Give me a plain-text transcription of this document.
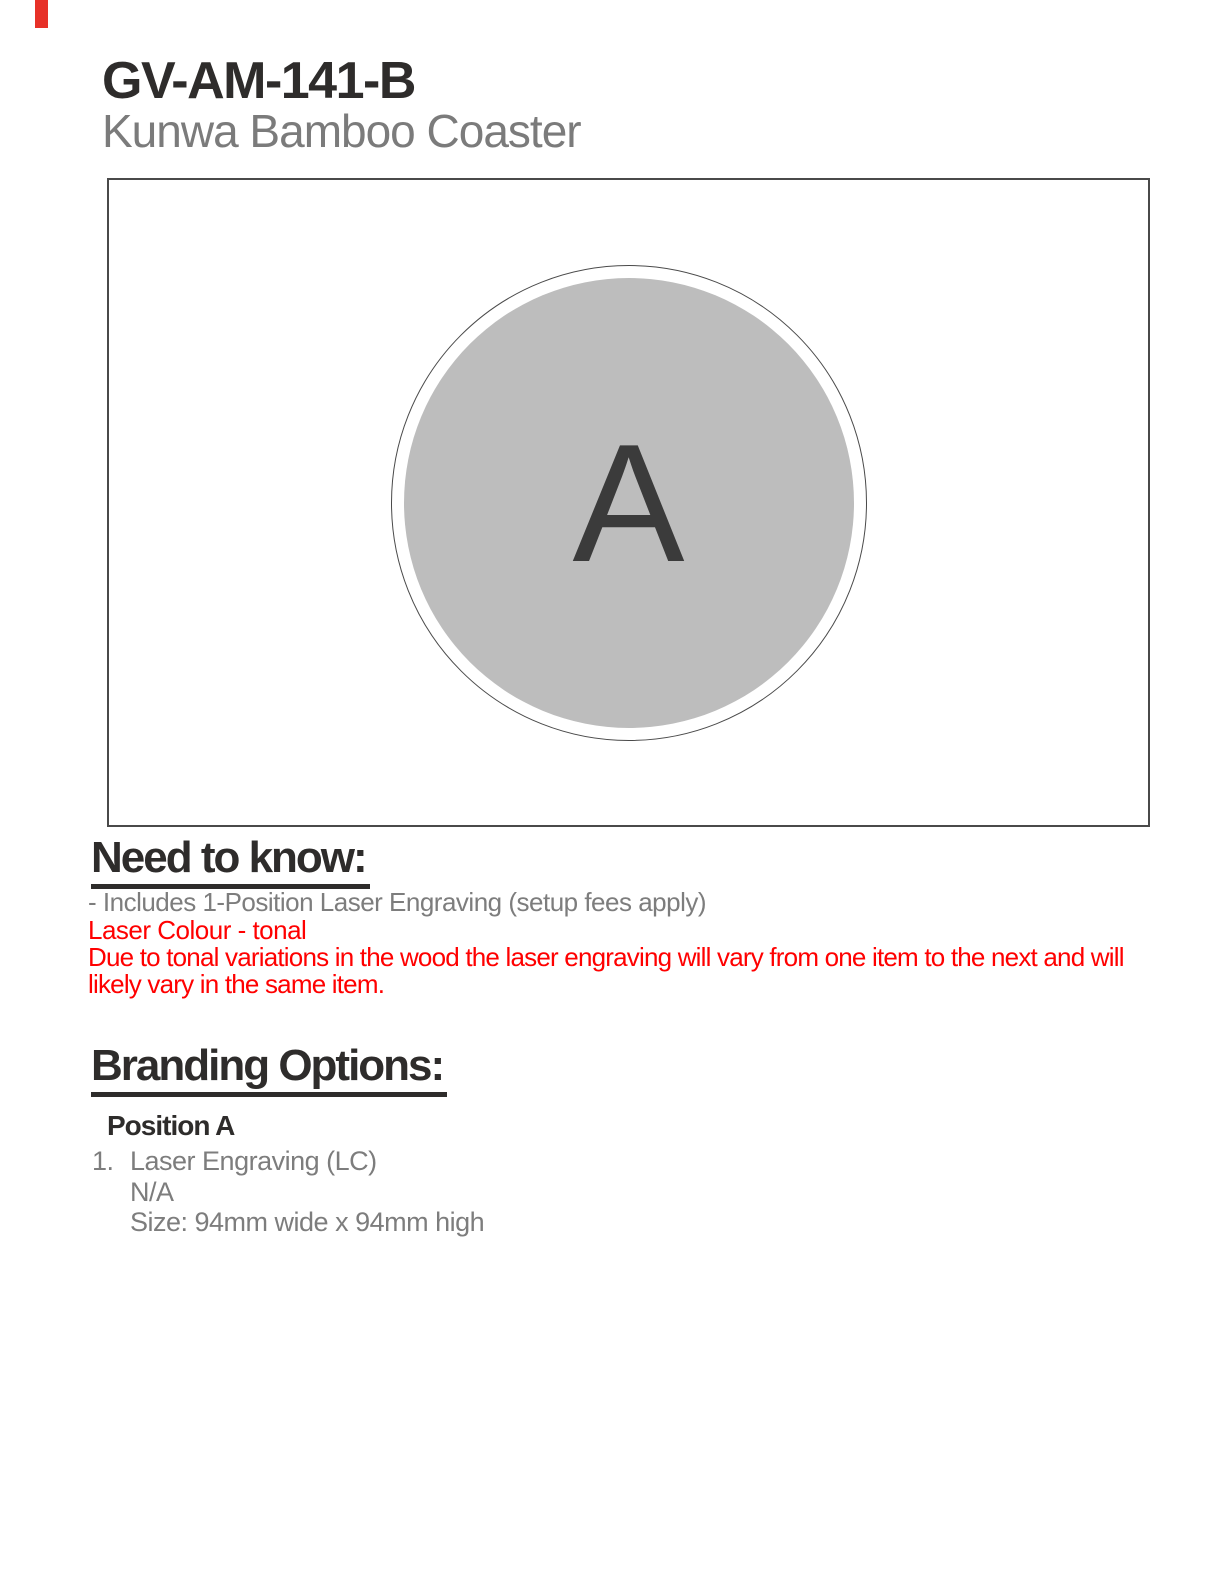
GV-AM-141-B
Kunwa Bamboo Coaster
A
Need to know:
- Includes 1-Position Laser Engraving (setup fees apply)
Laser Colour - tonal
Due to tonal variations in the wood the laser engraving will vary from one item to the next and will
likely vary in the same item.
Branding Options:
Position A
1. Laser Engraving (LC)
N/A
Size: 94mm wide x 94mm high
